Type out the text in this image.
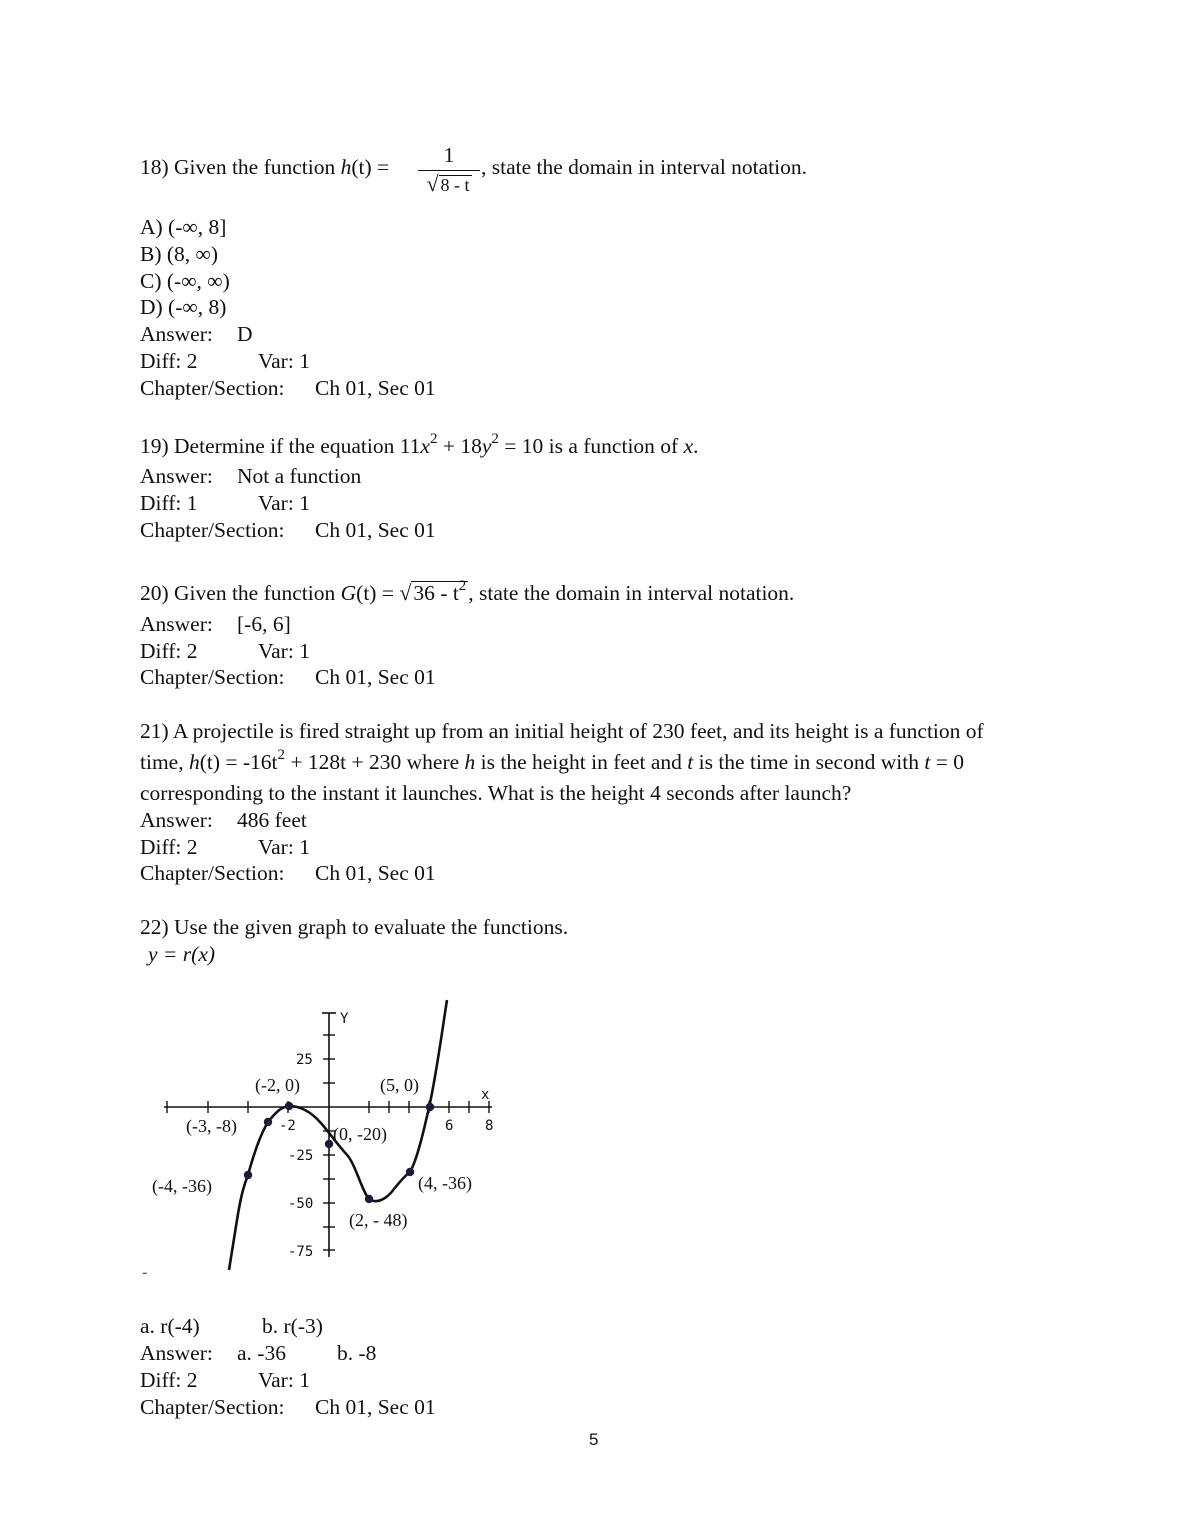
18) Given the function h(t) =	1
√ 8 - t
, state the domain in interval notation.
A) (-∞, 8]
B) (8, ∞)
C) (-∞, ∞)
D) (-∞, 8)
Answer: D
Diff: 2	Var: 1
Chapter/Section: Ch 01, Sec 01
19) Determine if the equation $11x^2 + 18y^2 = 10$ is a function of x.
Answer: Not a function
Diff: 1	Var: 1
Chapter/Section: Ch 01, Sec 01
20) Given the function $G(t) = √36 - t^2$, state the domain in interval notation.
Answer: [-6, 6]
Diff: 2	Var: 1
Chapter/Section: Ch 01, Sec 01
21) A projectile is fired straight up from an initial height of 230 feet, and its height is a function of
time, $h(t) = -16t^2 + 128t + 230$ where h is the height in feet and t is the time in second with t = 0
corresponding to the instant it launches. What is the height 4 seconds after launch?
Answer: 486 feet
Diff: 2	Var: 1
Chapter/Section: Ch 01, Sec 01
22) Use the given graph to evaluate the functions.
y = r(x)
Y
x
25
-25
-50
-75
-2	6 8
(-4, -36)
(-3, -8)
(-2, 0)
(0, -20)
(2, - 48)
(4, -36)
(5, 0)
-
a. r(-4)	b. r(-3)
Answer: a. -36 b. -8
Diff: 2	Var: 1
Chapter/Section: Ch 01, Sec 01
5
